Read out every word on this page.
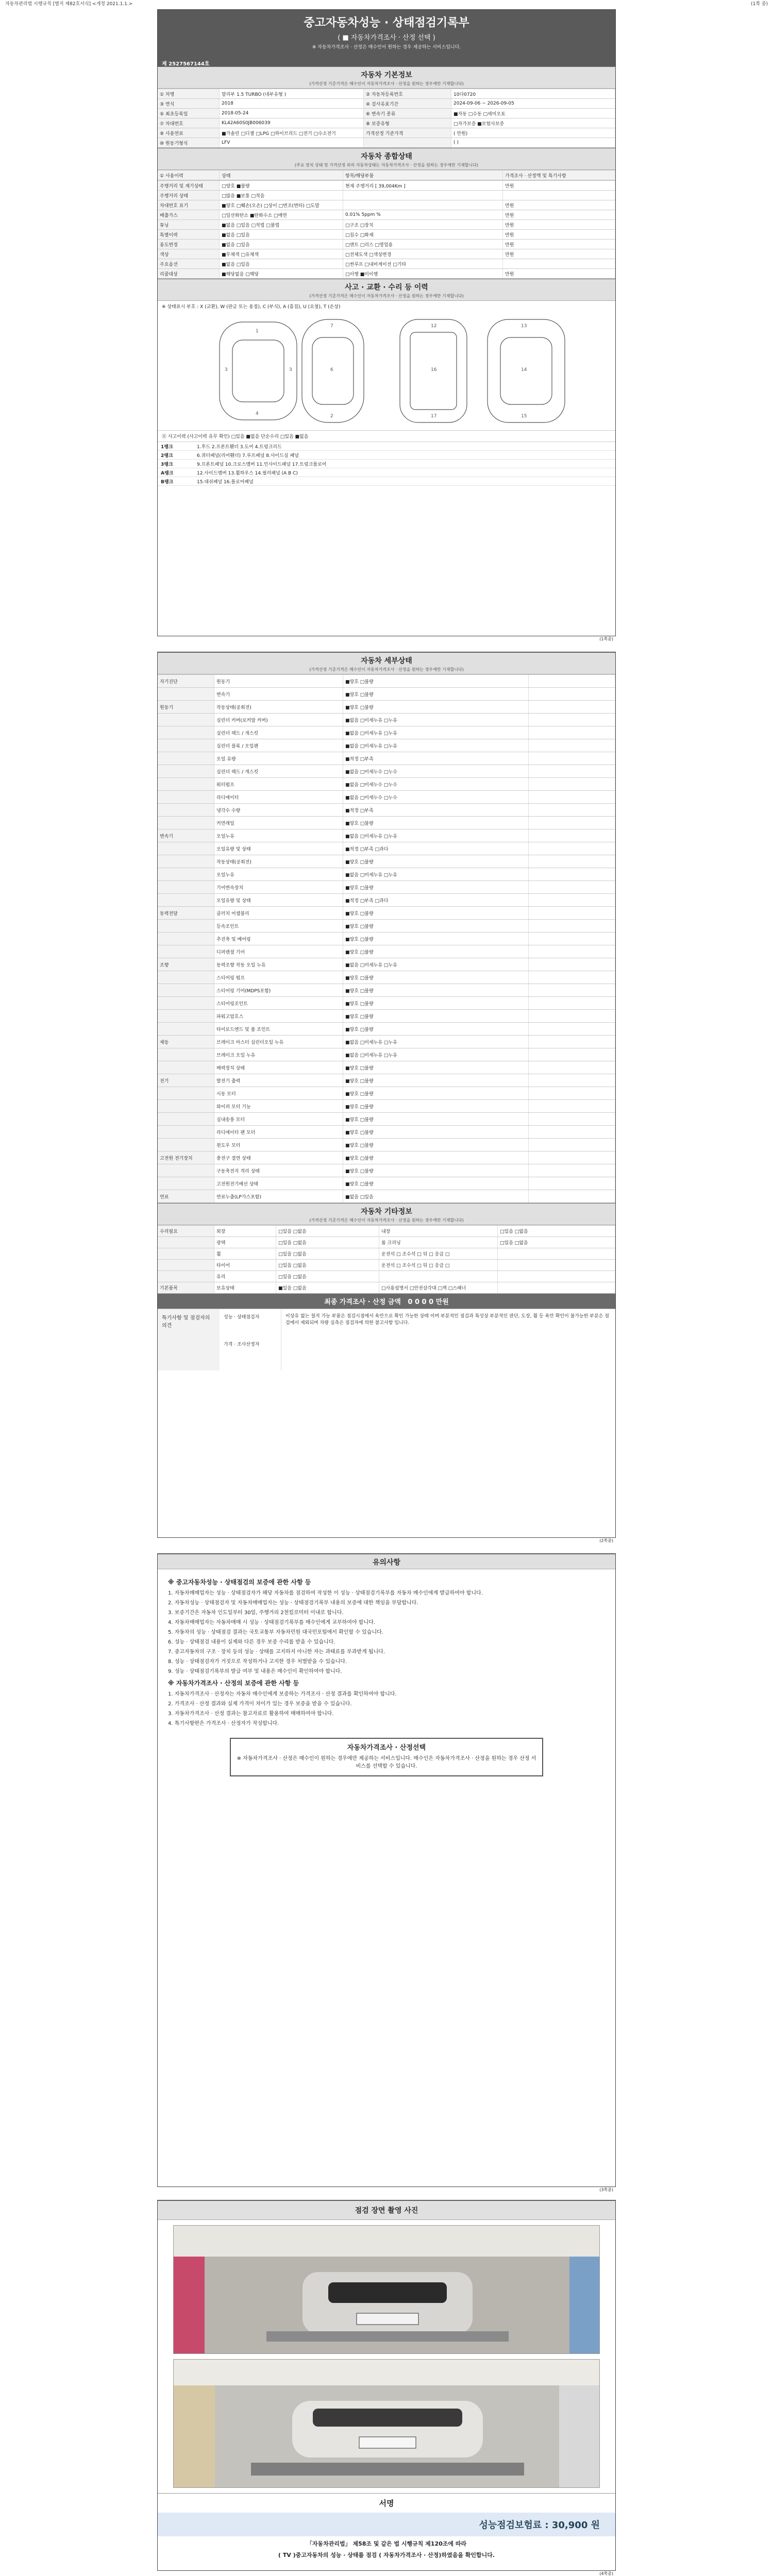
자동차관리법 시행규칙 [별지 제82호서식] <개정 2021.1.1.>	(1쪽 중)
중고자동차성능 · 상태점검기록부
( ■ 자동차가격조사 · 산정 선택 )
※ 자동차가격조사 · 산정은 매수인이 원하는 경우 제공하는 서비스입니다.
제 2527567144호
자동차 기본정보
(가격산정 기준가격은 매수인이 자동차가격조사 · 산정을 원하는 경우에만 기재합니다)
① 차명	말리부 1.5 TURBO (네부유형 )	② 자동차등록번호	10다0720
③ 연식	2018	④ 검사유효기간	2024-09-06 ~ 2026-09-05
⑤ 최초등록일	2018-05-24	⑥ 변속기 종류	■자동 □수동 □세미오토
⑦ 차대번호	KL42A60S0JB006039	⑧ 보증유형	□자가보증 ■보험사보증
⑨ 사용연료	■가솔린 □디젤 □LPG □하이브리드 □전기 □수소전기	가격산정 기준가격	( 만원)
⑩ 원동기형식	LFV	( )
자동차 종합상태
(주요 장치 상태 및 가격산정 외의 자동차상태는 자동차가격조사 · 산정을 원하는 경우에만 기재합니다)
① 사용이력	상태	항목/해당부품	가격조사 · 산정액 및 특기사항
주행거리 및 계기상태	□양호 ■불량	현재 주행거리 [ 39,004Km ]	만원
주행거리 상태	□많음 ■보통 □적음
차대번호 표기	■양호 □훼손(오손) □상이 □변조(변타) □도말	만원
배출가스	□일산화탄소 ■탄화수소 □매연	0.01% 5ppm %	만원
튜닝	■없음 □있음 □적법 □불법	□구조 □장치	만원
특별이력	■없음 □있음	□침수 □화재	만원
용도변경	■없음 □있음	□렌트 □리스 □영업용	만원
색상	■무채색 □유채색	□전체도색 □색상변경	만원
주요옵션	■없음 □있음	□썬루프 □내비게이션 □기타
리콜대상	■해당없음 □해당	□이행 ■미이행	만원
사고 · 교환 · 수리 등 이력
(가격산정 기준가격은 매수인이 자동차가격조사 · 산정을 원하는 경우에만 기재합니다)
※ 상태표시 부호 : X (교환), W (판금 또는 용접), C (부식), A (흠집), U (요철), T (손상)
1
4
3	3
7
6
2
12
16
17
13
14
15
⑪ 사고이력 (사고이력 유무 확인) □있음 ■없음 단순수리 □있음 ■없음
1랭크	1.후드 2.프론트휀더 3.도어 4.트렁크리드
2랭크	6.쿼터패널(리어휀더) 7.루프패널 8.사이드실 패널
3랭크	9.프론트패널 10.크로스멤버 11.인사이드패널 17.트렁크플로어
A랭크	12.사이드멤버 13.휠하우스 14.필러패널 (A B C)
B랭크	15.대쉬패널 16.플로어패널
(1쪽중)
자동차 세부상태
(가격산정 기준가격은 매수인이 자동차가격조사 · 산정을 원하는 경우에만 기재합니다)
자기진단	원동기	■양호 □불량
변속기	■양호 □불량
원동기	작동상태(공회전)	■양호 □불량
실린더 커버(로커암 커버)	■없음 □미세누유 □누유
실린더 헤드 / 개스킷	■없음 □미세누유 □누유
실린더 블록 / 오일팬	■없음 □미세누유 □누유
오일 유량	■적정 □부족
실린더 헤드 / 개스킷	■없음 □미세누수 □누수
워터펌프	■없음 □미세누수 □누수
라디에이터	■없음 □미세누수 □누수
냉각수 수량	■적정 □부족
커먼레일	■양호 □불량
변속기	오일누유	■없음 □미세누유 □누유
오일유량 및 상태	■적정 □부족 □과다
작동상태(공회전)	■양호 □불량
오일누유	■없음 □미세누유 □누유
기어변속장치	■양호 □불량
오일유량 및 상태	■적정 □부족 □과다
동력전달	클러치 어셈블리	■양호 □불량
등속조인트	■양호 □불량
추진축 및 베어링	■양호 □불량
디퍼렌셜 기어	■양호 □불량
조향	동력조향 작동 오일 누유	■없음 □미세누유 □누유
스티어링 펌프	■양호 □불량
스티어링 기어(MDPS포함)	■양호 □불량
스티어링조인트	■양호 □불량
파워고압호스	■양호 □불량
타이로드엔드 및 볼 조인트	■양호 □불량
제동	브레이크 마스터 실린더오일 누유	■없음 □미세누유 □누유
브레이크 오일 누유	■없음 □미세누유 □누유
배력장치 상태	■양호 □불량
전기	발전기 출력	■양호 □불량
시동 모터	■양호 □불량
와이퍼 모터 기능	■양호 □불량
실내송풍 모터	■양호 □불량
라디에이터 팬 모터	■양호 □불량
윈도우 모터	■양호 □불량
고전원 전기장치	충전구 절연 상태	■양호 □불량
구동축전지 격리 상태	■양호 □불량
고전원전기배선 상태	■양호 □불량
연료	연료누출(LP가스포함)	■없음 □있음
자동차 기타정보
(가격산정 기준가격은 매수인이 자동차가격조사 · 산정을 원하는 경우에만 기재합니다)
수리필요	외장	□있음 □없음	내장	□있음 □없음
광택	□있음 □없음	룸 크리닝	□있음 □없음
휠	□있음 □없음	운전석 □ 조수석 □ 뒤 □ 응급 □
타이어	□있음 □없음	운전석 □ 조수석 □ 뒤 □ 응급 □
유리	□있음 □없음
기본품목	보유상태	■있음 □없음	□사용설명서 □안전삼각대 □잭 □스패너
최종 가격조사 · 산정 금액 0 0 0 0 만원
특기사항 및 점검자의 의견
성능 · 상태점검자
가격 · 조사산정자
이상유 없는 철저 가능 부품은 점검시점에서 육안으로 확인 가능한 상태 이며 부분적인 점검과 특성상 부분적인 판단, 도장, 휠 등 육안 확인이 불가능한 부분은 점검에서 제외되며 차량 실측은 점검자에 의한 참고사항 입니다.
(2쪽중)
유의사항
※ 중고자동차성능 · 상태점검의 보증에 관한 사항 등

1. 자동차매매업자는 성능 · 상태점검자가 해당 자동차를 점검하여 작성한 이 성능 · 상태점검기록부를 자동차 매수인에게 발급하여야 합니다.

2. 자동차성능 · 상태점검자 및 자동차매매업자는 성능 · 상태점검기록부 내용의 보증에 대한 책임을 부담합니다.

3. 보증기간은 자동차 인도일부터 30일, 주행거리 2천킬로미터 이내로 합니다.

4. 자동차매매업자는 자동차매매 시 성능 · 상태점검기록부를 매수인에게 교부하여야 합니다.

5. 자동차의 성능 · 상태점검 결과는 국토교통부 자동차민원 대국민포털에서 확인할 수 있습니다.

6. 성능 · 상태점검 내용이 실제와 다른 경우 보증 수리를 받을 수 있습니다.

7. 중고자동차의 구조 · 장치 등의 성능 · 상태를 고지하지 아니한 자는 과태료를 부과받게 됩니다.

8. 성능 · 상태점검자가 거짓으로 작성하거나 고지한 경우 처벌받을 수 있습니다.

9. 성능 · 상태점검기록부의 발급 여부 및 내용은 매수인이 확인하여야 합니다.

※ 자동차가격조사 · 산정의 보증에 관한 사항 등

1. 자동차가격조사 · 산정자는 자동차 매수인에게 보증하는 가격조사 · 산정 결과를 확인하여야 합니다.

2. 가격조사 · 산정 결과와 실제 가격이 차이가 있는 경우 보증을 받을 수 있습니다.

3. 자동차가격조사 · 산정 결과는 참고자료로 활용하여 매매하여야 합니다.

4. 특기사항란은 가격조사 · 산정자가 작성합니다.

자동차가격조사 · 산정선택
※ 자동차가격조사 · 산정은 매수인이 원하는 경우에만 제공하는 서비스입니다. 매수인은 자동차가격조사 · 산정을 원하는 경우 산정 서비스를 선택할 수 있습니다.
(3쪽중)
점검 장면 촬영 사진
서명
성능점검보험료 : 30,900 원
「자동차관리법」 제58조 및 같은 법 시행규칙 제120조에 따라
( TV )중고자동차의 성능 · 상태를 점검 ( 자동차가격조사 · 산정)하였음을 확인합니다.
(4쪽중)
